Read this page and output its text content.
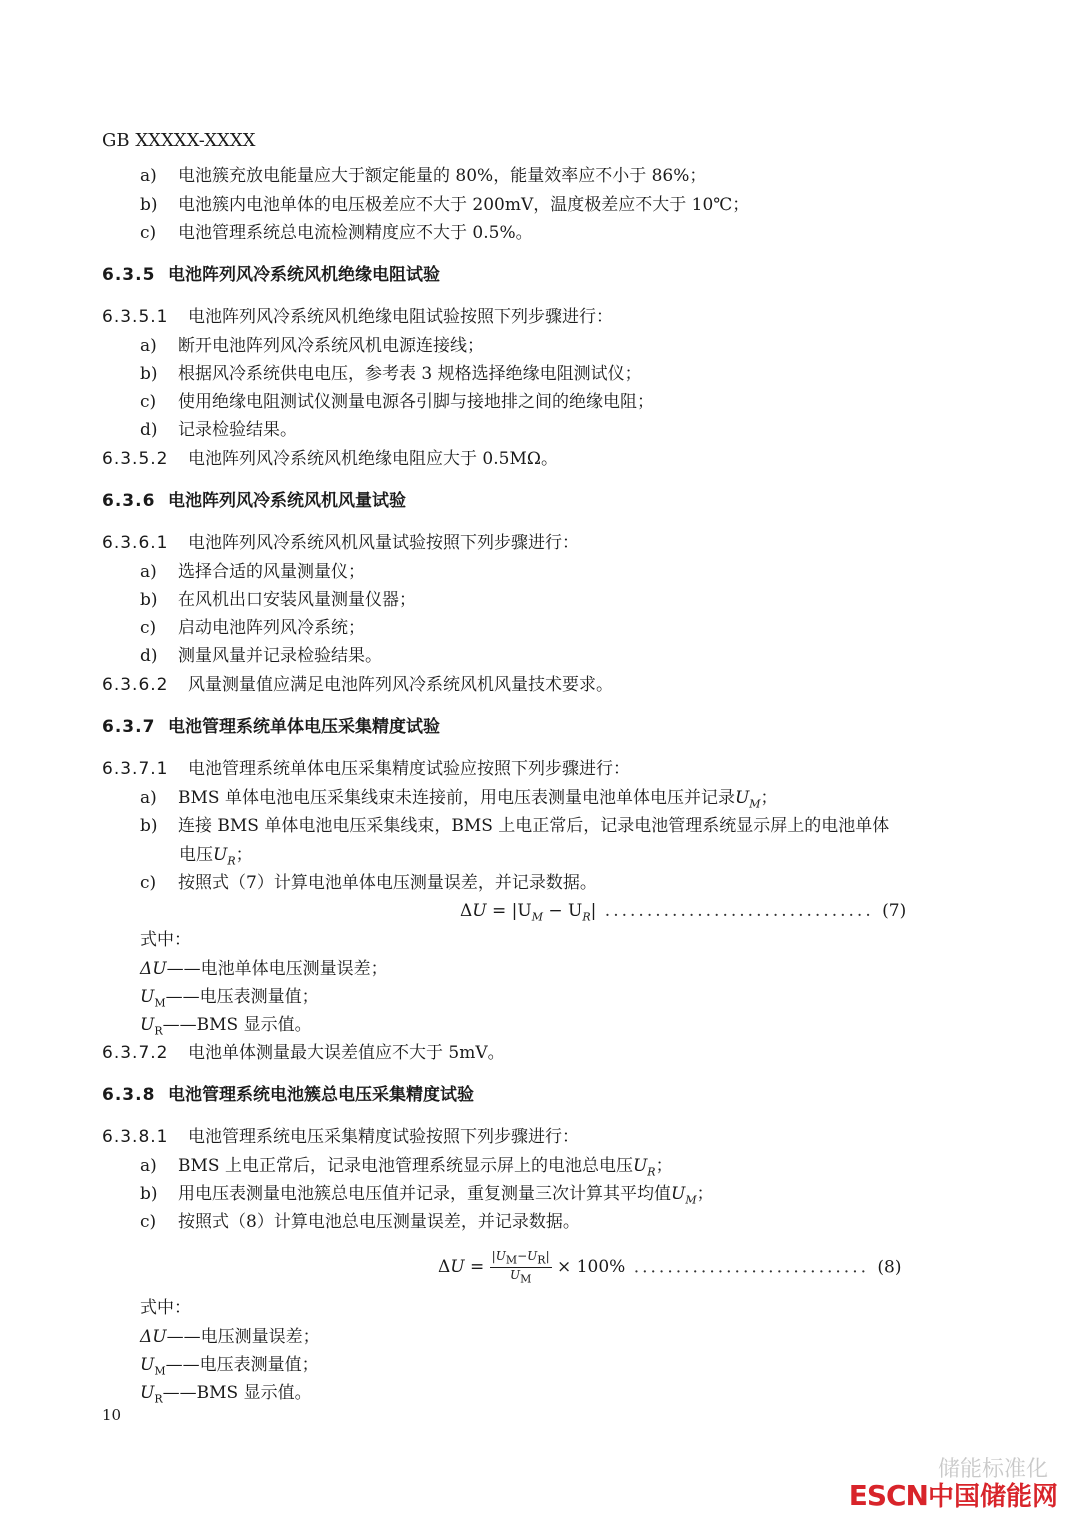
GB XXXXX-XXXX
a) 电池簇充放电能量应大于额定能量的 80%，能量效率应不小于 86%；
b) 电池簇内电池单体的电压极差应不大于 200mV，温度极差应不大于 10℃；
c) 电池管理系统总电流检测精度应不大于 0.5%。
6.3.5 电池阵列风冷系统风机绝缘电阻试验
6.3.5.1 电池阵列风冷系统风机绝缘电阻试验按照下列步骤进行：
a) 断开电池阵列风冷系统风机电源连接线；
b) 根据风冷系统供电电压，参考表 3 规格选择绝缘电阻测试仪；
c) 使用绝缘电阻测试仪测量电源各引脚与接地排之间的绝缘电阻；
d) 记录检验结果。
6.3.5.2 电池阵列风冷系统风机绝缘电阻应大于 0.5MΩ。
6.3.6 电池阵列风冷系统风机风量试验
6.3.6.1 电池阵列风冷系统风机风量试验按照下列步骤进行：
a) 选择合适的风量测量仪；
b) 在风机出口安装风量测量仪器；
c) 启动电池阵列风冷系统；
d) 测量风量并记录检验结果。
6.3.6.2 风量测量值应满足电池阵列风冷系统风机风量技术要求。
6.3.7 电池管理系统单体电压采集精度试验
6.3.7.1 电池管理系统单体电压采集精度试验应按照下列步骤进行：
a) BMS 单体电池电压采集线束未连接前，用电压表测量电池单体电压并记录$U_M$；
b) 连接 BMS 单体电池电压采集线束，BMS 上电正常后，记录电池管理系统显示屏上的电池单体
电压$U_R$；
c) 按照式（7）计算电池单体电压测量误差，并记录数据。
$\Delta U = |U_M - U_R|$ ................................ (7)
式中：
ΔU——电池单体电压测量误差；
$U_M——$电压表测量值；
$U_R——BMS$ 显示值。
6.3.7.2 电池单体测量最大误差值应不大于 5mV。
6.3.8 电池管理系统电池簇总电压采集精度试验
6.3.8.1 电池管理系统电压采集精度试验按照下列步骤进行：
a) BMS 上电正常后，记录电池管理系统显示屏上的电池总电压$U_R$；
b) 用电压表测量电池簇总电压值并记录，重复测量三次计算其平均值$U_M$；
c) 按照式（8）计算电池总电压测量误差，并记录数据。
$\Delta U = \frac{|U_M-U_R|}{U_M} \times 100\%$ ............................ (8)
式中：
ΔU——电压测量误差；
$U_M——$电压表测量值；
$U_R——BMS$ 显示值。
10
储能标准化
ESCN中国储能网
